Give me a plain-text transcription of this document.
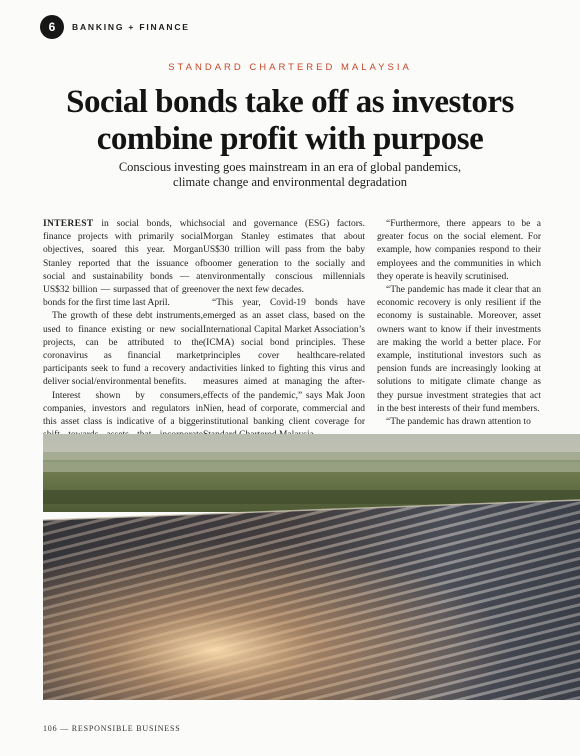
6	BANKING + FINANCE
STANDARD CHARTERED MALAYSIA
Social bonds take off as investors combine profit with purpose

Conscious investing goes mainstream in an era of global pandemics, climate change and environmental degradation

INTEREST in social bonds, which finance projects with primarily social objectives, soared this year. Morgan Stanley reported that the issuance of social and sustainability bonds — at US$32 billion — surpassed that of green bonds for the first time last April.

The growth of these debt instruments, used to finance existing or new social projects, can be attributed to the coronavirus as financial market participants seek to fund a recovery and deliver social/environmental benefits.

Interest shown by consumers, companies, investors and regulators in this asset class is indicative of a bigger

social and governance (ESG) factors. Morgan Stanley estimates that about US$30 trillion will pass from the baby boomer generation to the socially and environmentally conscious millennials over the next few decades.

“This year, Covid-19 bonds have emerged as an asset class, based on the International Capital Market Association’s (ICMA) social bond principles. These principles cover healthcare-related activities linked to fighting this virus and measures aimed at managing the after-effects of the pandemic,” says Mak Joon Nien, head of corporate, commercial and institutional banking client coverage for

“Furthermore, there appears to be a greater focus on the social element. For example, how companies respond to their employees and the communities in which they operate is heavily scrutinised.

“The pandemic has made it clear that an economic recovery is only resilient if the economy is sustainable. Moreover, asset owners want to know if their investments are making the world a better place. For example, institutional investors such as pension funds are increasingly looking at solutions to mitigate climate change as they pursue investment strategies that act in the best interests of their fund members.

“The pandemic has drawn attention to

106 — RESPONSIBLE BUSINESS
